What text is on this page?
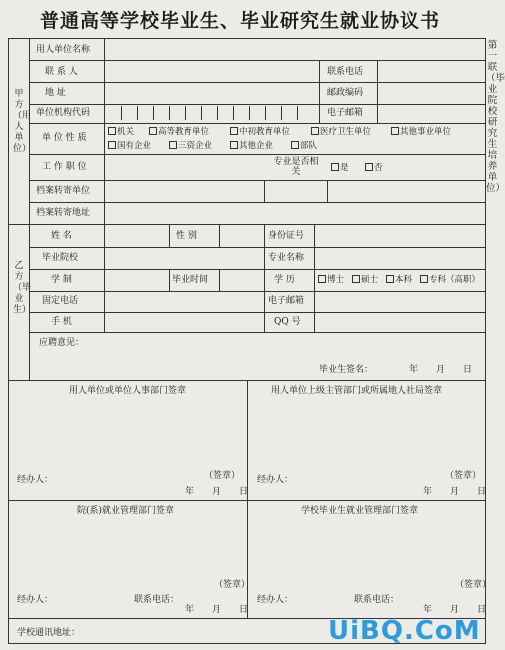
普通高等学校毕业生、毕业研究生就业协议书
第一联（毕业院校研究生培养单位）
甲方（用人单位）
乙方（毕业生）
用人单位名称
联 系 人	联系电话
地 址	邮政编码
单位机构代码	电子邮箱
单 位 性 质
机关	高等教育单位	中初教育单位	医疗卫生单位	其他事业单位
国有企业	三资企业	其他企业	部队
工 作 职 位	专业是否相关	是	否
档案转寄单位
档案转寄地址
姓 名	性 别	身份证号
毕业院校	专业名称
学 制	毕业时间	学 历	博士	硕士	本科	专科（高职）
固定电话	电子邮箱
手 机	QQ 号
应聘意见：
毕业生签名：	年　　月　　日
用人单位或单位人事部门签章	用人单位上级主管部门或所属地人社局签章
经办人：	（签章）
年　　月　　日
经办人：	（签章）
年　　月　　日
院(系)就业管理部门签章	学校毕业生就业管理部门签章
（签章）	（签章）
经办人：	联系电话：	经办人：	联系电话：
年　　月　　日	年　　月　　日
学校通讯地址：	UiBQ.CoM
